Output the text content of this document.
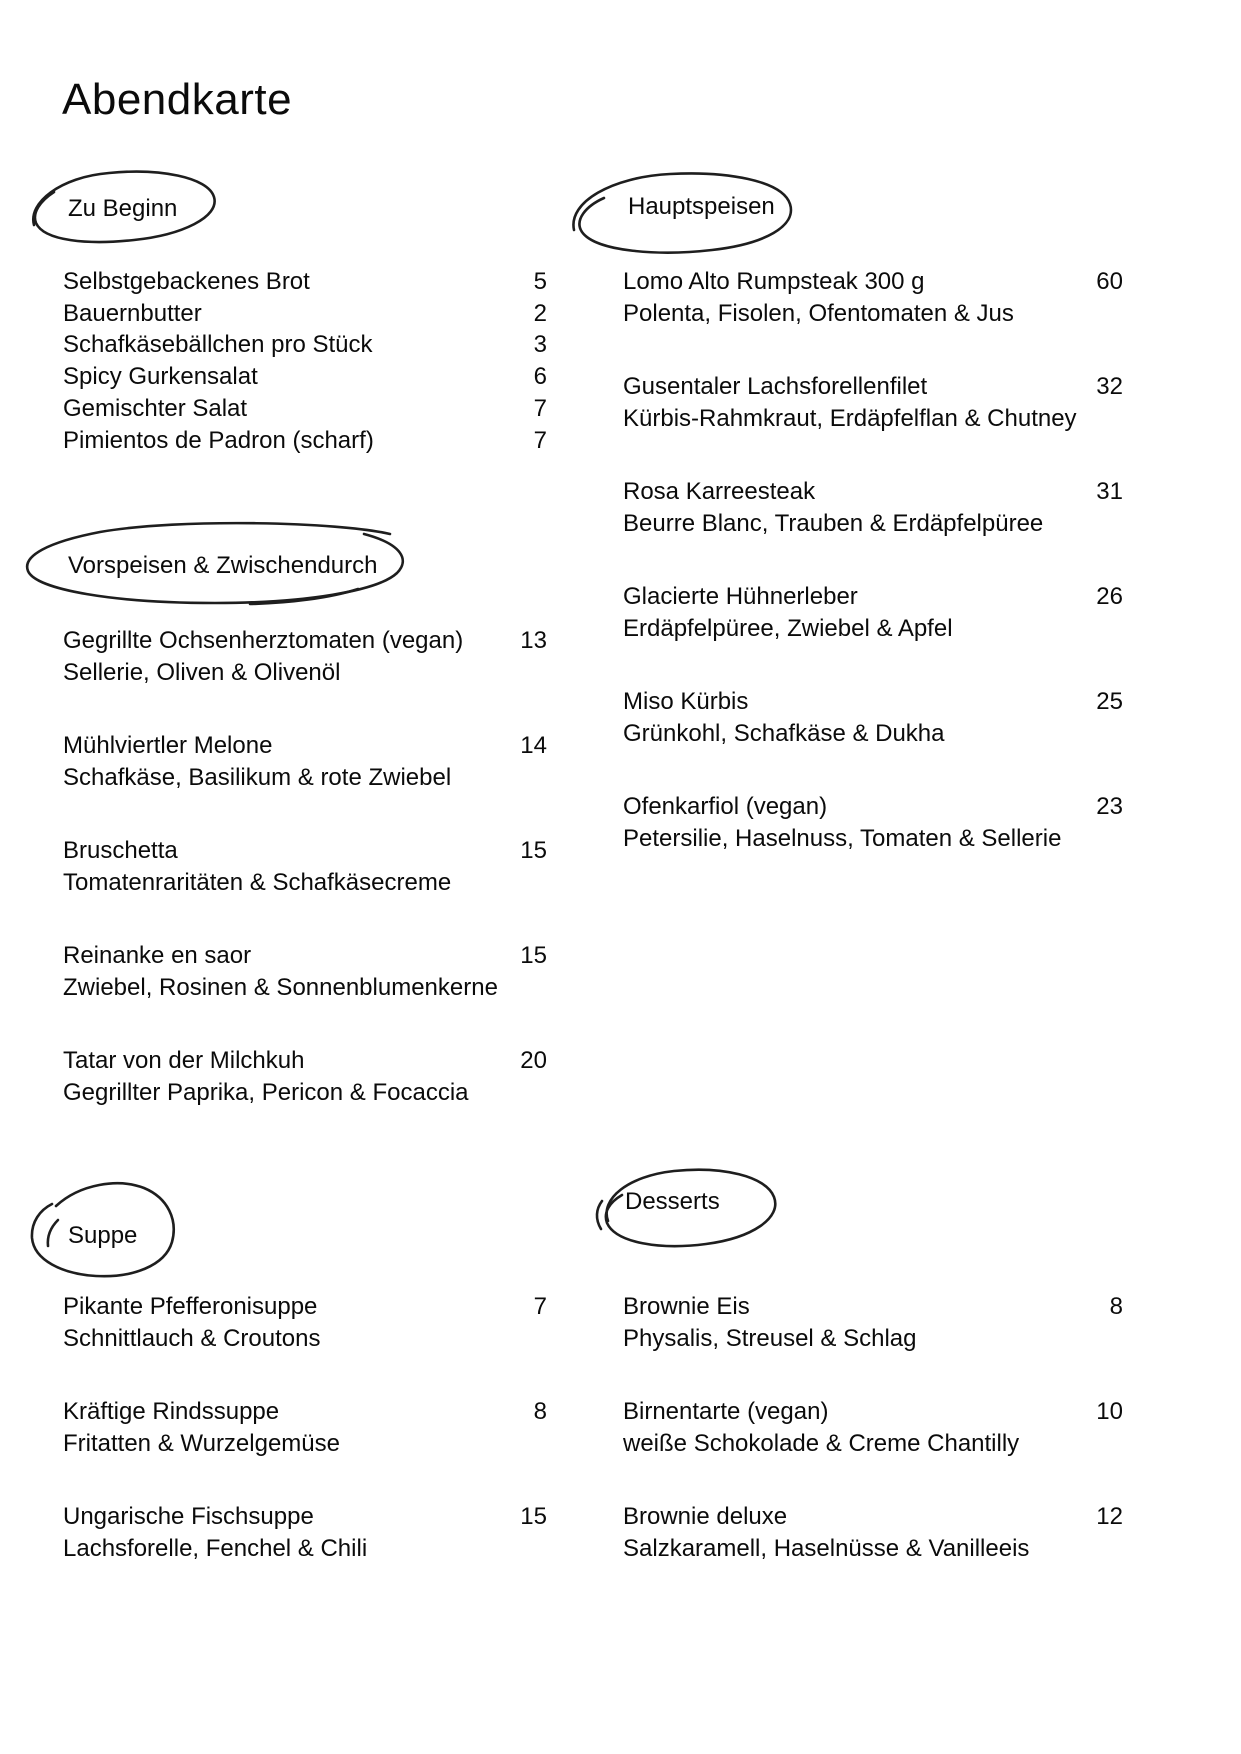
Abendkarte
Zu Beginn	Hauptspeisen
Vorspeisen & Zwischendurch
Suppe
Desserts
Selbstgebackenes Brot	5
Bauernbutter	2
Schafkäsebällchen pro Stück	3
Spicy Gurkensalat	6
Gemischter Salat	7
Pimientos de Padron (scharf)	7
Gegrillte Ochsenherztomaten (vegan) 13
Sellerie, Oliven & Olivenöl
Mühlviertler Melone	14
Schafkäse, Basilikum & rote Zwiebel
Bruschetta	15
Tomatenraritäten & Schafkäsecreme
Reinanke en saor	15
Zwiebel, Rosinen & Sonnenblumenkerne
Tatar von der Milchkuh	20
Gegrillter Paprika, Pericon & Focaccia
Pikante Pfefferonisuppe	7
Schnittlauch & Croutons
Kräftige Rindssuppe	8
Fritatten & Wurzelgemüse
Ungarische Fischsuppe	15
Lachsforelle, Fenchel & Chili
Lomo Alto Rumpsteak 300 g	60
Polenta, Fisolen, Ofentomaten & Jus
Gusentaler Lachsforellenfilet	32
Kürbis-Rahmkraut, Erdäpfelflan & Chutney
Rosa Karreesteak	31
Beurre Blanc, Trauben & Erdäpfelpüree
Glacierte Hühnerleber	26
Erdäpfelpüree, Zwiebel & Apfel
Miso Kürbis	25
Grünkohl, Schafkäse & Dukha
Ofenkarfiol (vegan)	23
Petersilie, Haselnuss, Tomaten & Sellerie
Brownie Eis	8
Physalis, Streusel & Schlag
Birnentarte (vegan)	10
weiße Schokolade & Creme Chantilly
Brownie deluxe	12
Salzkaramell, Haselnüsse & Vanilleeis
